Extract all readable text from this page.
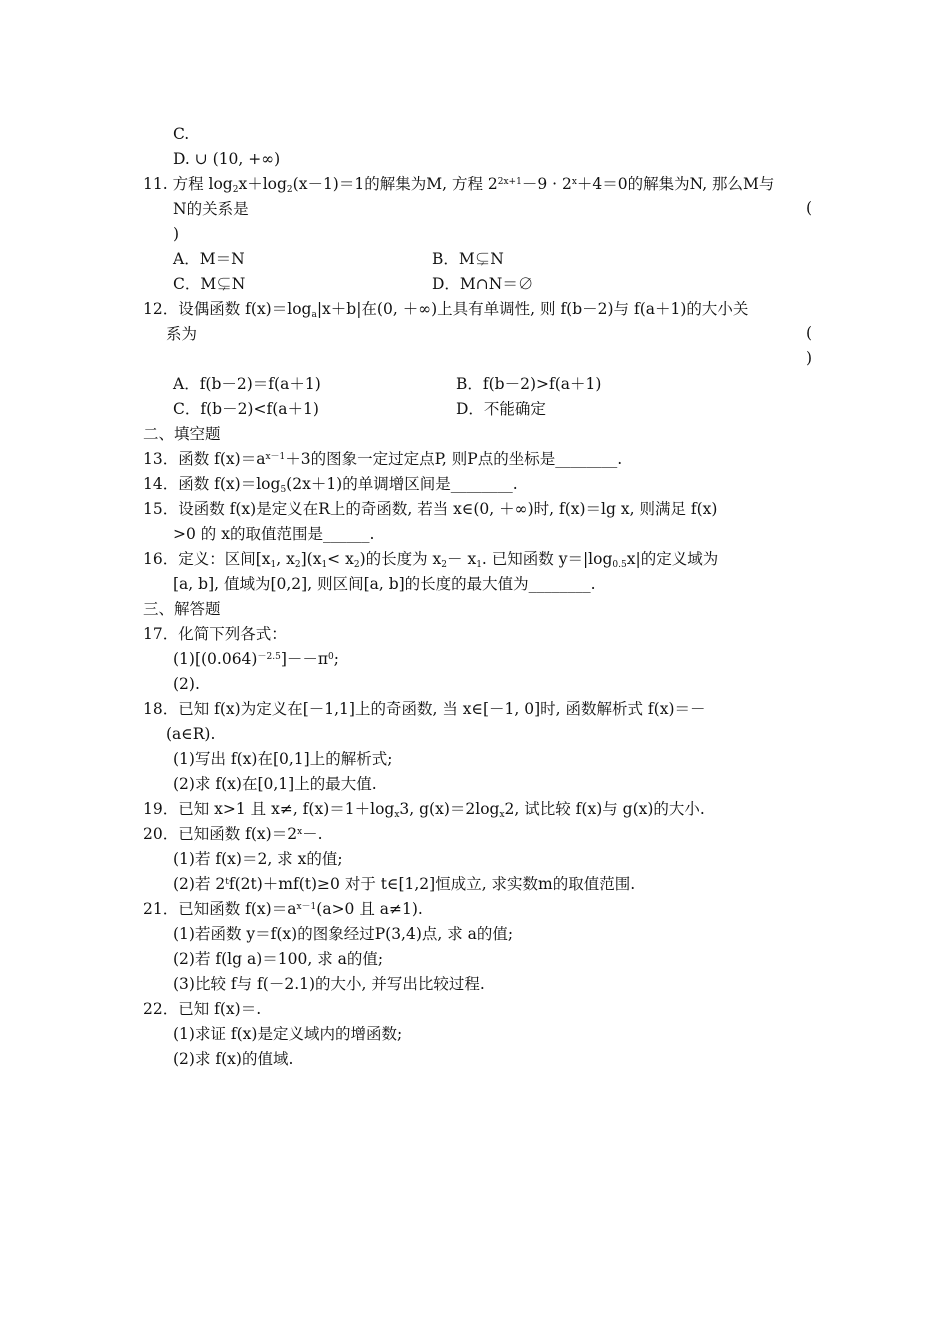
C.
D. ∪ (10, +∞)
11. 方程 $\log_2x+\log_2(x-1)=1$的解集为M, 方程 $2^{2x+1}-9 \cdot 2^x+4=0$的解集为N, 那么M与
N的关系是	(
)
A．M＝N	B．M⊊N
C．M⊊N	D．M∩N＝∅
12．设偶函数 $f(x)=\log_a|x+b|$在(0, ＋∞)上具有单调性, 则 f(b－2)与 f(a＋1)的大小关
系为	(
)
A．f(b－2)＝f(a＋1)	B．f(b－2)>f(a＋1)
C．f(b－2)<f(a＋1)	D．不能确定
二、填空题
13．函数 $f(x)=a^{x-1}+3$的图象一定过定点P, 则P点的坐标是________.
14．函数 $f(x)=\log_5(2x+1)$的单调增区间是________.
15．设函数 f(x)是定义在R上的奇函数, 若当 x∈(0, ＋∞)时, f(x)＝lg x, 则满足 f(x)
>0 的 x的取值范围是______.
16．定义：区间[$x_1$, $x_2](x_1< x_2)$的长度为 $x_2- x_1$. 已知函数 $y=|\log_{0.5}x|$的定义域为
[a, b], 值域为[0,2], 则区间[a, b]的长度的最大值为________.
三、解答题
17．化简下列各式：
$(1)[(0.064)^{-2.5}]--\pi^0$;
(2).
18．已知 f(x)为定义在[－1,1]上的奇函数, 当 x∈[－1, 0]时, 函数解析式 f(x)＝－
(a∈R).
(1)写出 f(x)在[0,1]上的解析式;
(2)求 f(x)在[0,1]上的最大值.
19．已知 x>1 且 x≠, $f(x)=1+\log_x3$, $g(x)=2\log_x2$, 试比较 f(x)与 g(x)的大小.
20．已知函数 $f(x)=2^x-$.
(1)若 f(x)＝2, 求 x的值;
(2)若 $2^tf(2t)+mf(t)\ge 0$ 对于 t∈[1,2]恒成立, 求实数m的取值范围.
21．已知函数 $f(x)=a^{x-1}(a>0$ 且 a≠1).
(1)若函数 y＝f(x)的图象经过P(3,4)点, 求 a的值;
(2)若 f(lg a)＝100, 求 a的值;
(3)比较 f与 f(－2.1)的大小, 并写出比较过程.
22．已知 f(x)＝.
(1)求证 f(x)是定义域内的增函数;
(2)求 f(x)的值域.
